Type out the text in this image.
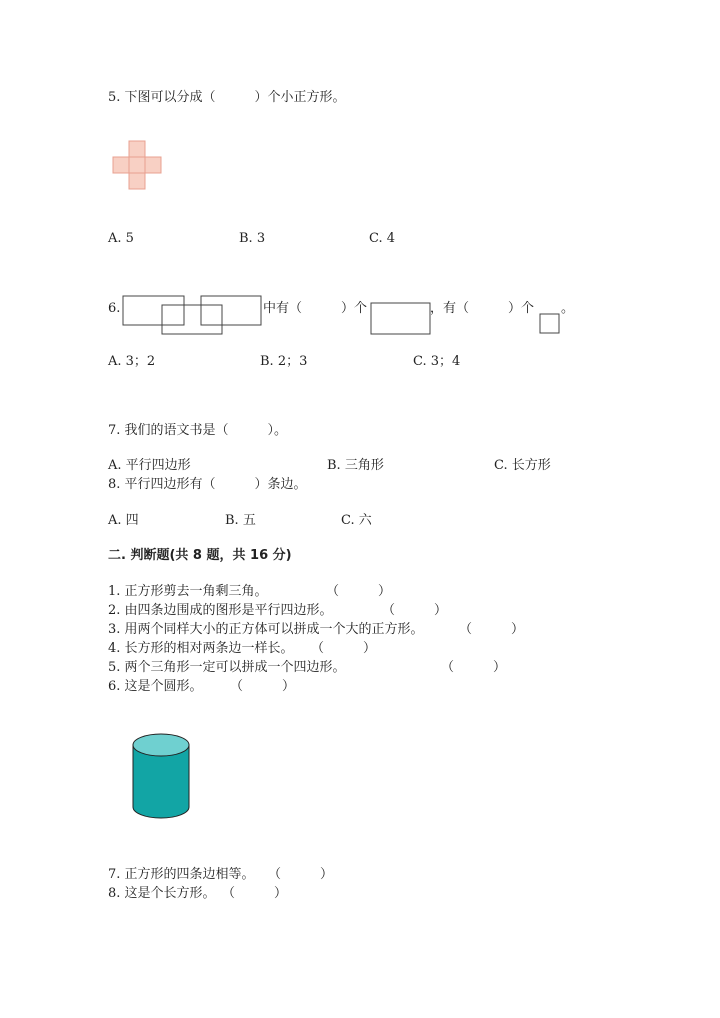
5. 下图可以分成（　　　）个小正方形。
A. 5	B. 3	C. 4
6.	中有（　　　）个	，有（　　　）个 。
A. 3；2	B. 2；3	C. 3；4
7. 我们的语文书是（　　　）。
A. 平行四边形	B. 三角形	C. 长方形
8. 平行四边形有（　　　）条边。
A. 四	B. 五	C. 六
二. 判断题(共 8 题，共 16 分)
1. 正方形剪去一角剩三角。	（　　　）
2. 由四条边围成的图形是平行四边形。	（　　　）
3. 用两个同样大小的正方体可以拼成一个大的正方形。	（　　　）
4. 长方形的相对两条边一样长。 （　　　）
5. 两个三角形一定可以拼成一个四边形。	（　　　）
6. 这是个圆形。 （　　　）
7. 正方形的四条边相等。 （　　　）
8. 这是个长方形。 （　　　）
